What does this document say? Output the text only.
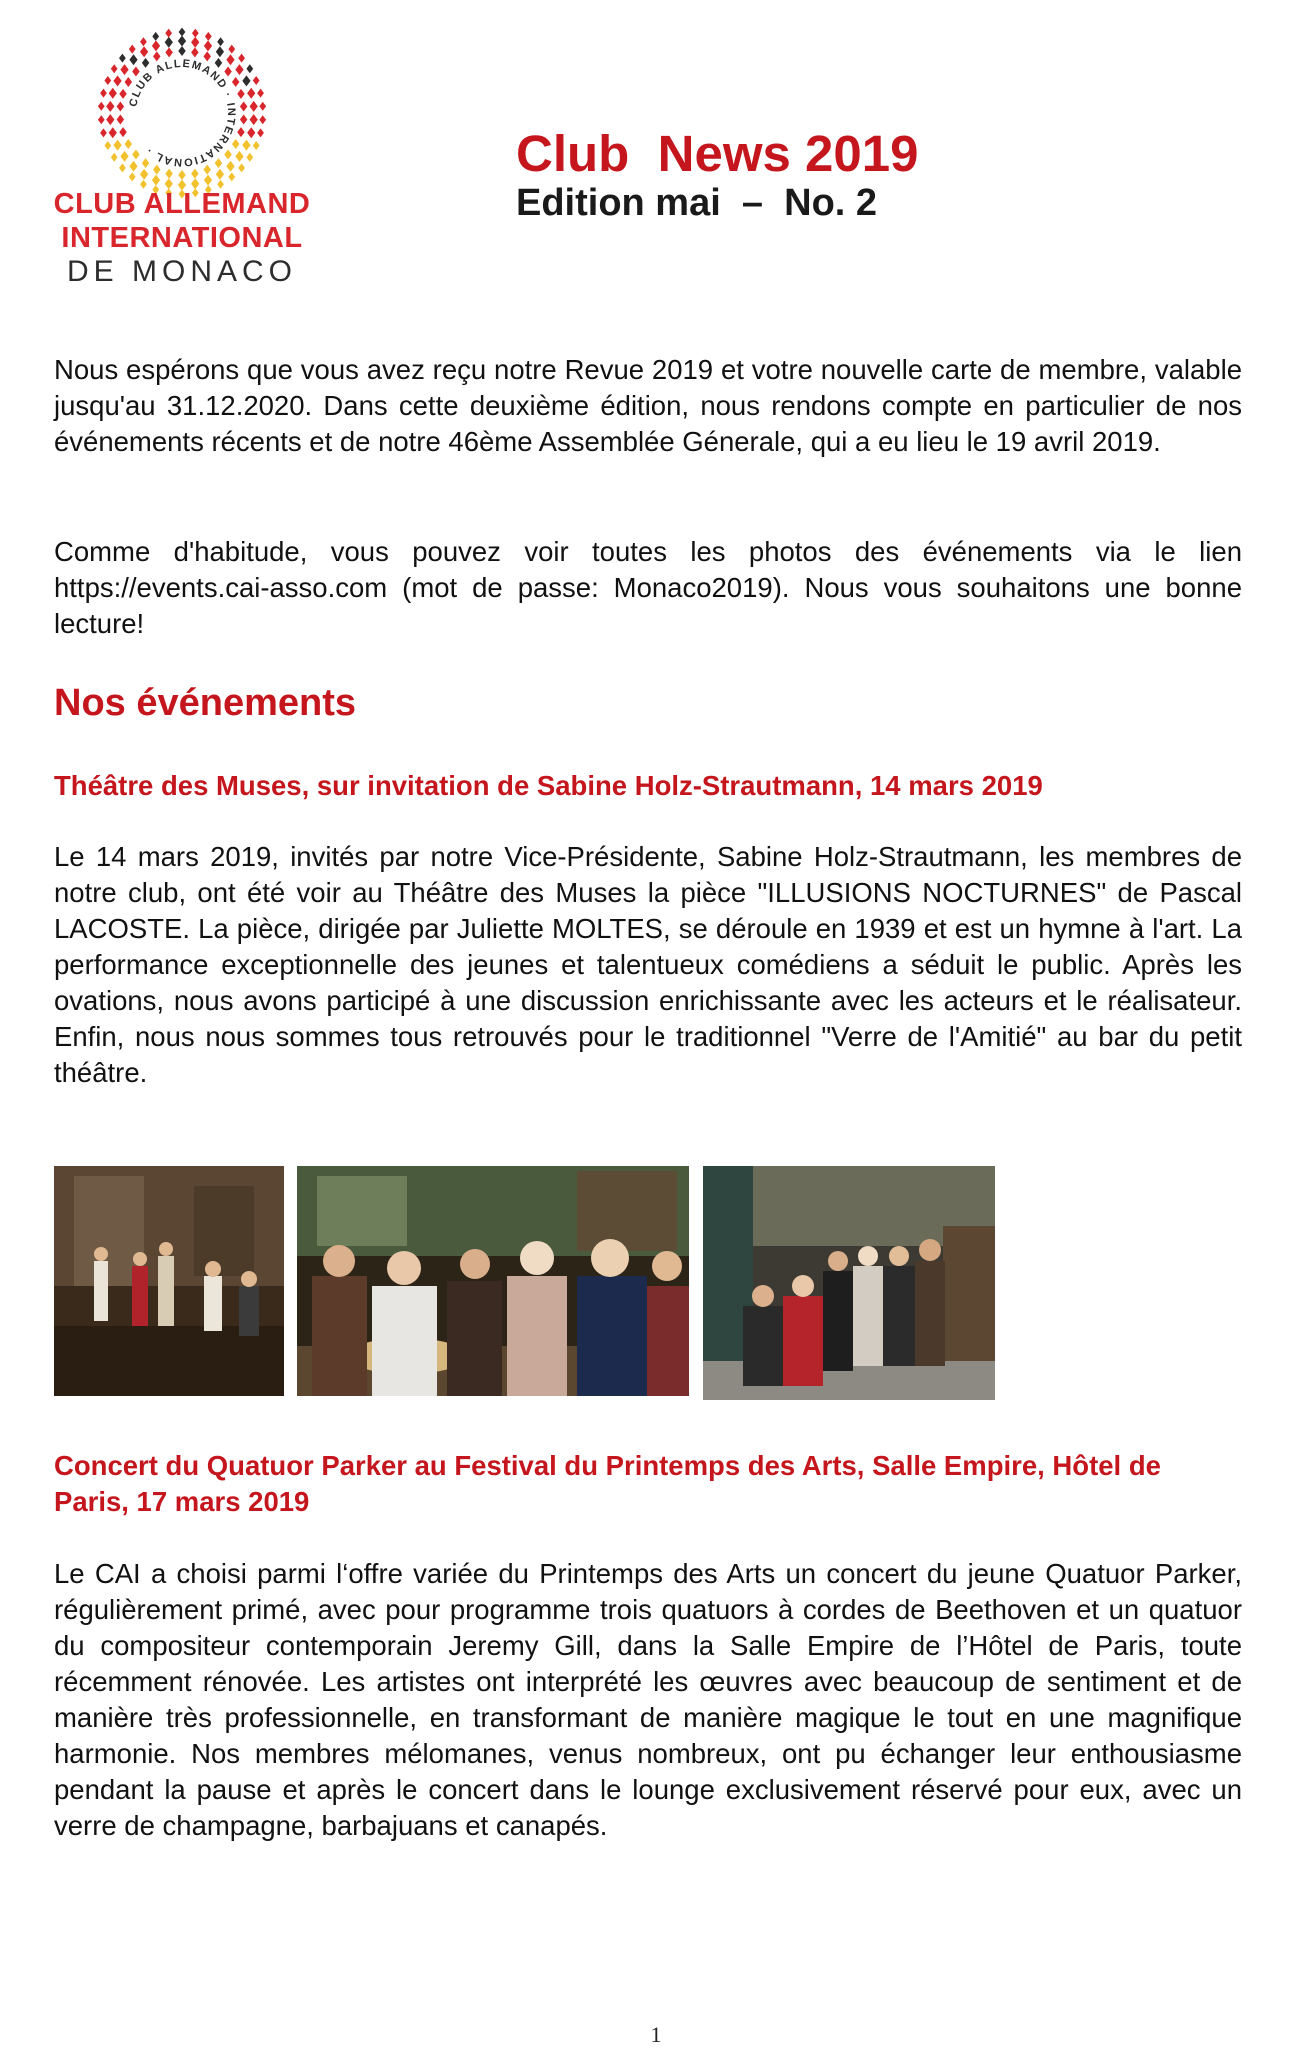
CLUB ALLEMAND · INTERNATIONAL ·
CLUB ALLEMAND
INTERNATIONAL
DE MONACO
Club  News 2019
Edition mai  –  No. 2

Nous espérons que vous avez reçu notre Revue 2019 et votre nouvelle carte de membre, valable jusqu'au 31.12.2020. Dans cette deuxième édition, nous rendons compte en particulier de nos événements récents et de notre 46ème Assemblée Génerale, qui a eu lieu le 19 avril 2019.

Comme d'habitude, vous pouvez voir toutes les photos des événements via le lien https://events.cai-asso.com (mot de passe: Monaco2019). Nous vous souhaitons une bonne lecture!

Nos événements
Théâtre des Muses, sur invitation de Sabine Holz-Strautmann, 14 mars 2019

Le 14 mars 2019, invités par notre Vice-Présidente, Sabine Holz-Strautmann, les membres de notre club, ont été voir au Théâtre des Muses la pièce "ILLUSIONS NOCTURNES" de Pascal LACOSTE. La pièce, dirigée par Juliette MOLTES, se déroule en 1939 et est un hymne à l'art. La performance exceptionnelle des jeunes et talentueux comédiens a séduit le public. Après les ovations, nous avons participé à une discussion enrichissante avec les acteurs et le réalisateur. Enfin, nous nous sommes tous retrouvés pour le traditionnel "Verre de l'Amitié" au bar du petit théâtre.

Concert du Quatuor Parker au Festival du Printemps des Arts, Salle Empire, Hôtel de Paris, 17 mars 2019

Le CAI a choisi parmi l‘offre variée du Printemps des Arts un concert du jeune Quatuor Parker, régulièrement primé, avec pour programme trois quatuors à cordes de Beethoven et un quatuor du compositeur contemporain Jeremy Gill, dans la Salle Empire de l’Hôtel de Paris, toute récemment rénovée. Les artistes ont interprété les œuvres avec beaucoup de sentiment et de manière très professionnelle, en transformant de manière magique le tout en une magnifique harmonie. Nos membres mélomanes, venus nombreux, ont pu échanger leur enthousiasme pendant la pause et après le concert dans le lounge exclusivement réservé pour eux, avec un verre de champagne, barbajuans et canapés.

1
